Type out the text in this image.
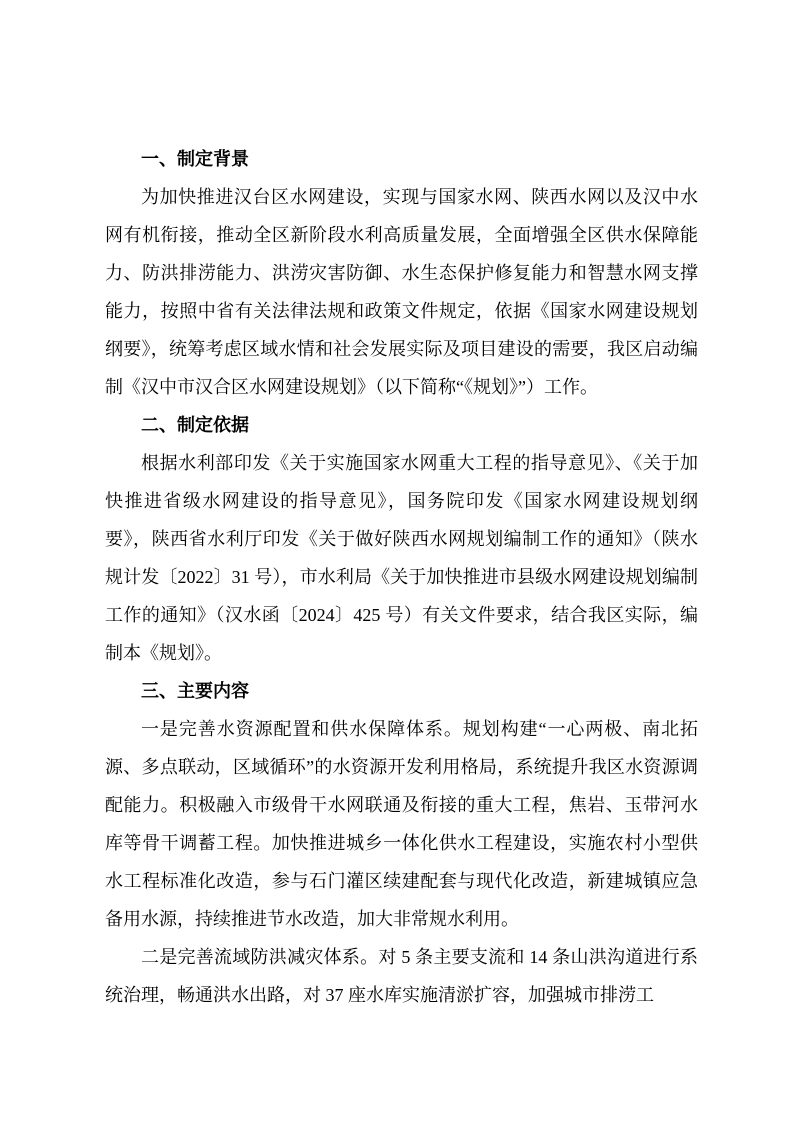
一、制定背景

为加快推进汉台区水网建设，实现与国家水网、陕西水网以及汉中水网有机衔接，推动全区新阶段水利高质量发展，全面增强全区供水保障能力、防洪排涝能力、洪涝灾害防御、水生态保护修复能力和智慧水网支撑能力，按照中省有关法律法规和政策文件规定，依据《国家水网建设规划纲要》，统筹考虑区域水情和社会发展实际及项目建设的需要，我区启动编制《汉中市汉合区水网建设规划》（以下简称“《规划》”）工作。

二、制定依据

根据水利部印发《关于实施国家水网重大工程的指导意见》、《关于加快推进省级水网建设的指导意见》，国务院印发《国家水网建设规划纲要》，陕西省水利厅印发《关于做好陕西水网规划编制工作的通知》（陕水规计发〔2022〕31 号），市水利局《关于加快推进市县级水网建设规划编制工作的通知》（汉水函〔2024〕425 号）有关文件要求，结合我区实际，编制本《规划》。

三、主要内容

一是完善水资源配置和供水保障体系。规划构建“一心两极、南北拓源、多点联动，区域循环”的水资源开发利用格局，系统提升我区水资源调配能力。积极融入市级骨干水网联通及衔接的重大工程，焦岩、玉带河水库等骨干调蓄工程。加快推进城乡一体化供水工程建设，实施农村小型供水工程标准化改造，参与石门灌区续建配套与现代化改造，新建城镇应急备用水源，持续推进节水改造，加大非常规水利用。

二是完善流域防洪减灾体系。对 5 条主要支流和 14 条山洪沟道进行系统治理，畅通洪水出路，对 37 座水库实施清淤扩容，加强城市排涝工
